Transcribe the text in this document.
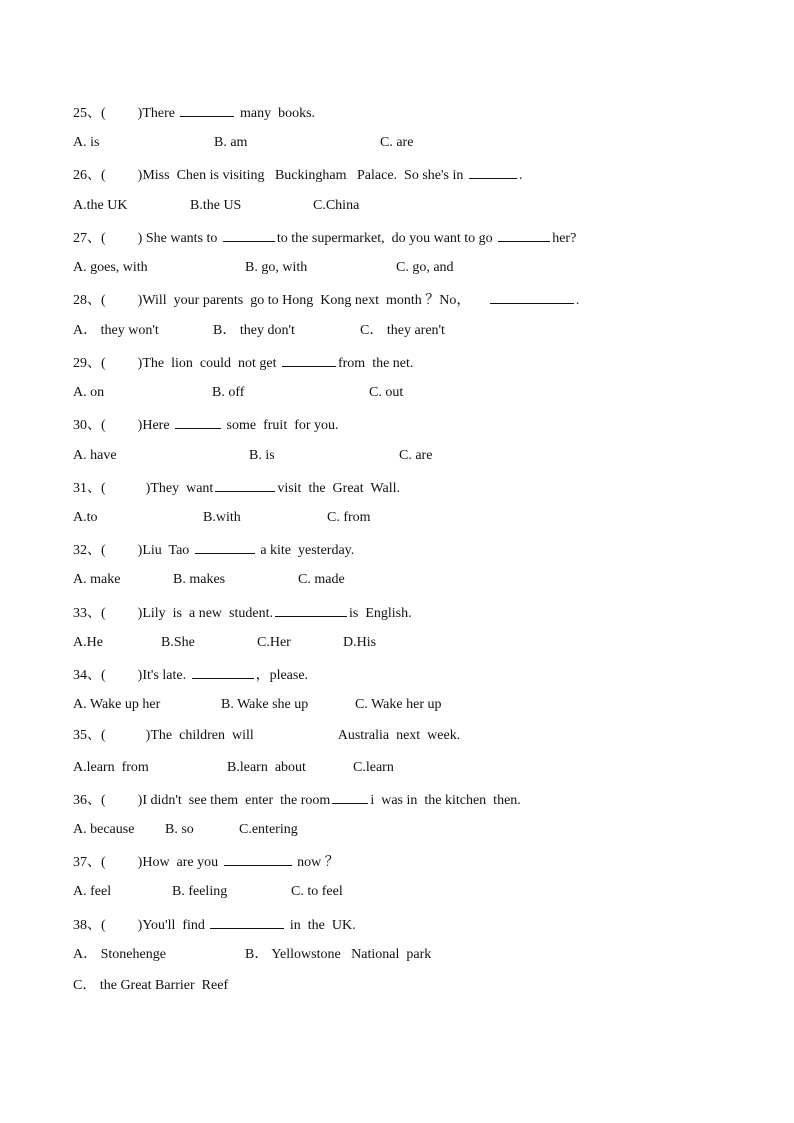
25、( )There	many  books.
A. is	B. am	C. are
26、( )Miss  Chen is visiting   Buckingham   Palace.  So she's in	.
A.the UK	B.the US	C.China
27、( ) She wants to	to the supermarket,  do you want to go	her?
A. goes, with	B. go, with	C. go, and
28、( )Will  your parents  go to Hong  Kong next  month ？No，	.
A． they won't	B． they don't	C． they aren't
29、( )The  lion  could  not get	from  the net.
A. on	B. off	C. out
30、( )Here	some  fruit  for you.
A. have	B. is	C. are
31、(	)They  want	visit  the  Great  Wall.
A.to	B.with	C. from
32、( )Liu  Tao	a kite  yesterday.
A. make	B. makes	C. made
33、( )Lily  is  a new  student.	is  English.
A.He	B.She	C.Her	D.His
34、( )It's late.	，please.
A. Wake up her	B. Wake she up	C. Wake her up
35、(	)The  children  will	Australia  next  week.
A.learn  from	B.learn  about	C.learn
36、( )I didn't  see them  enter  the room	i  was in  the kitchen  then.
A. because B. so	C.entering
37、( )How  are you	now ？
A. feel	B. feeling	C. to feel
38、( )You'll  find	in  the  UK.
A． Stonehenge	B． Yellowstone   National  park
C． the Great Barrier  Reef
